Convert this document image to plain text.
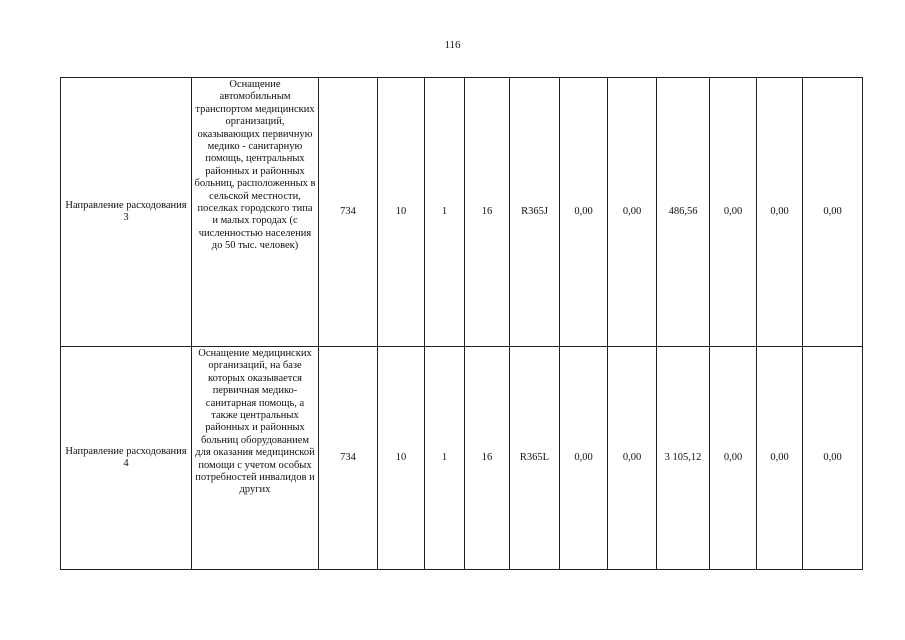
116
Направление расходования 3	Оснащение автомобильным транспортом медицинских организаций, оказывающих первичную медико - санитарную помощь, центральных районных и районных больниц, расположенных в сельской местности, поселках городского типа и малых городах (с численностью населения до 50 тыс. человек)	734	10	1	16	R365J	0,00	0,00	486,56	0,00	0,00	0,00
Направление расходования 4	Оснащение медицинских организаций, на базе которых оказывается первичная медико-санитарная помощь, а также центральных районных и районных больниц оборудованием для оказания медицинской помощи с учетом особых потребностей инвалидов и других	734	10	1	16	R365L	0,00	0,00	3 105,12	0,00	0,00	0,00
